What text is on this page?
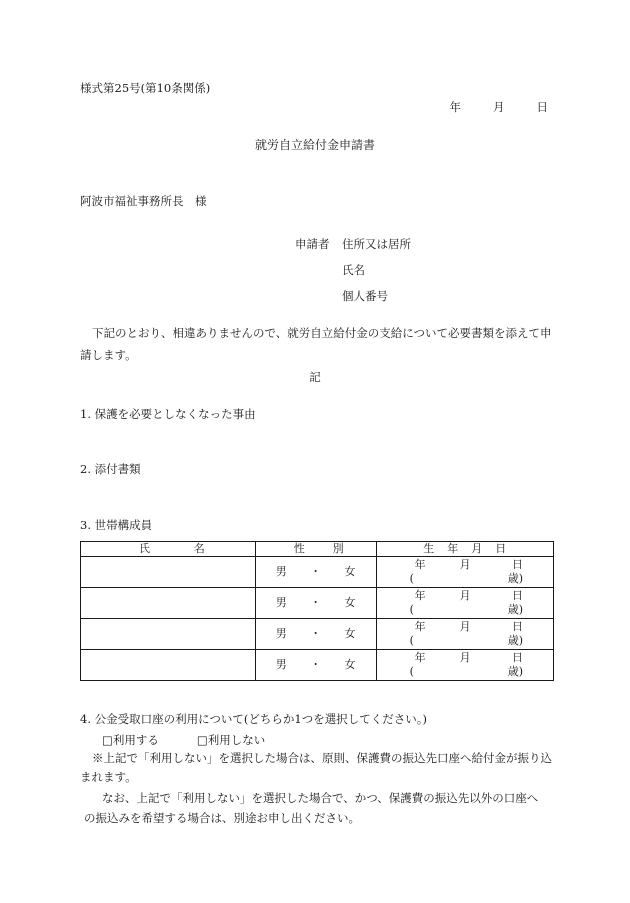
様式第25号(第10条関係)
年	月	日
就労自立給付金申請書
阿波市福祉事務所長　様
申請者 住所又は居所
氏名
個人番号

下記のとおり、相違ありませんので、就労自立給付金の支給について必要書類を添えて申請します。

記
1. 保護を必要としなくなった事由
2. 添付書類
3. 世帯構成員
氏 名	性 別	生 年 月 日

	男 ・ 女	年 月 日
( 歳)

	男 ・ 女	年 月 日
( 歳)

	男 ・ 女	年 月 日
( 歳)

	男 ・ 女	年 月 日
( 歳)
4. 公金受取口座の利用について(どちらか1つを選択してください。)
□利用する	□利用しない

※上記で「利用しない」を選択した場合は、原則、保護費の振込先口座へ給付金が振り込まれます。

なお、上記で「利用しない」を選択した場合で、かつ、保護費の振込先以外の口座へ

の振込みを希望する場合は、別途お申し出ください。
